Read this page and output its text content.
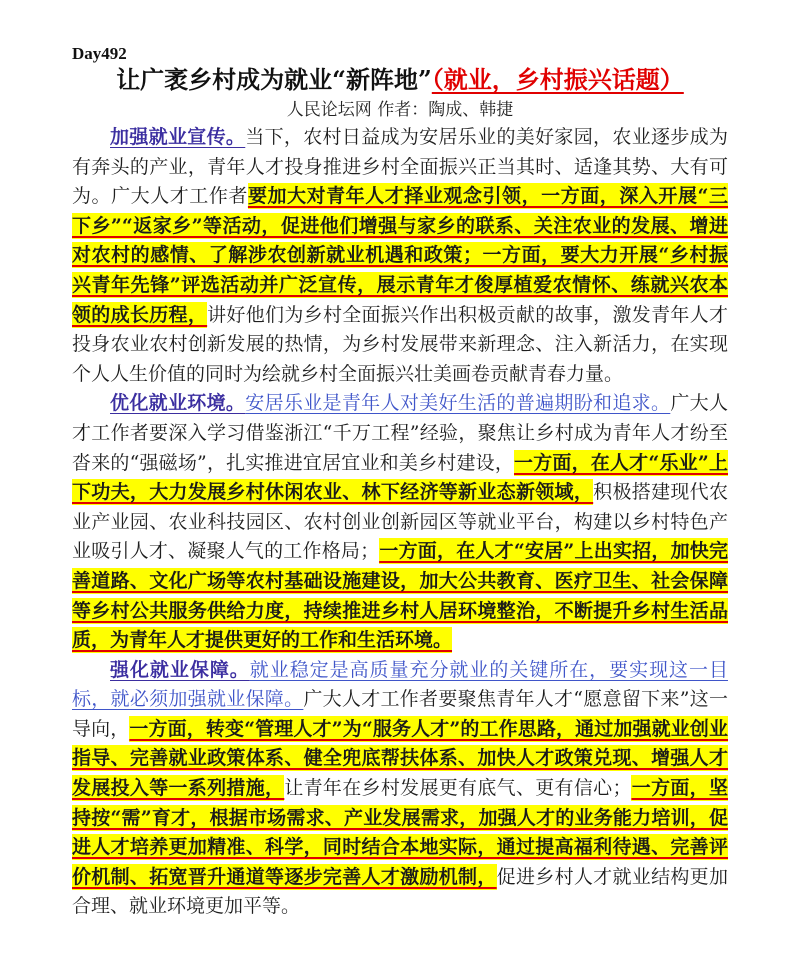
Day492
让广袤乡村成为就业“新阵地”（就业，乡村振兴话题）
人民论坛网 作者：陶成、韩捷

加强就业宣传。当下，农村日益成为安居乐业的美好家园，农业逐步成为有奔头的产业，青年人才投身推进乡村全面振兴正当其时、适逢其势、大有可为。广大人才工作者要加大对青年人才择业观念引领，一方面，深入开展“三下乡”“返家乡”等活动，促进他们增强与家乡的联系、关注农业的发展、增进对农村的感情、了解涉农创新就业机遇和政策；一方面，要大力开展“乡村振兴青年先锋”评选活动并广泛宣传，展示青年才俊厚植爱农情怀、练就兴农本领的成长历程，讲好他们为乡村全面振兴作出积极贡献的故事，激发青年人才投身农业农村创新发展的热情，为乡村发展带来新理念、注入新活力，在实现个人人生价值的同时为绘就乡村全面振兴壮美画卷贡献青春力量。

优化就业环境。安居乐业是青年人对美好生活的普遍期盼和追求。广大人才工作者要深入学习借鉴浙江“千万工程”经验，聚焦让乡村成为青年人才纷至沓来的“强磁场”，扎实推进宜居宜业和美乡村建设，一方面，在人才“乐业”上下功夫，大力发展乡村休闲农业、林下经济等新业态新领域，积极搭建现代农业产业园、农业科技园区、农村创业创新园区等就业平台，构建以乡村特色产业吸引人才、凝聚人气的工作格局；一方面，在人才“安居”上出实招，加快完善道路、文化广场等农村基础设施建设，加大公共教育、医疗卫生、社会保障等乡村公共服务供给力度，持续推进乡村人居环境整治，不断提升乡村生活品质，为青年人才提供更好的工作和生活环境。

强化就业保障。就业稳定是高质量充分就业的关键所在，要实现这一目标，就必须加强就业保障。广大人才工作者要聚焦青年人才“愿意留下来”这一导向，一方面，转变“管理人才”为“服务人才”的工作思路，通过加强就业创业指导、完善就业政策体系、健全兜底帮扶体系、加快人才政策兑现、增强人才发展投入等一系列措施，让青年在乡村发展更有底气、更有信心；一方面，坚持按“需”育才，根据市场需求、产业发展需求，加强人才的业务能力培训，促进人才培养更加精准、科学，同时结合本地实际，通过提高福利待遇、完善评价机制、拓宽晋升通道等逐步完善人才激励机制，促进乡村人才就业结构更加合理、就业环境更加平等。
